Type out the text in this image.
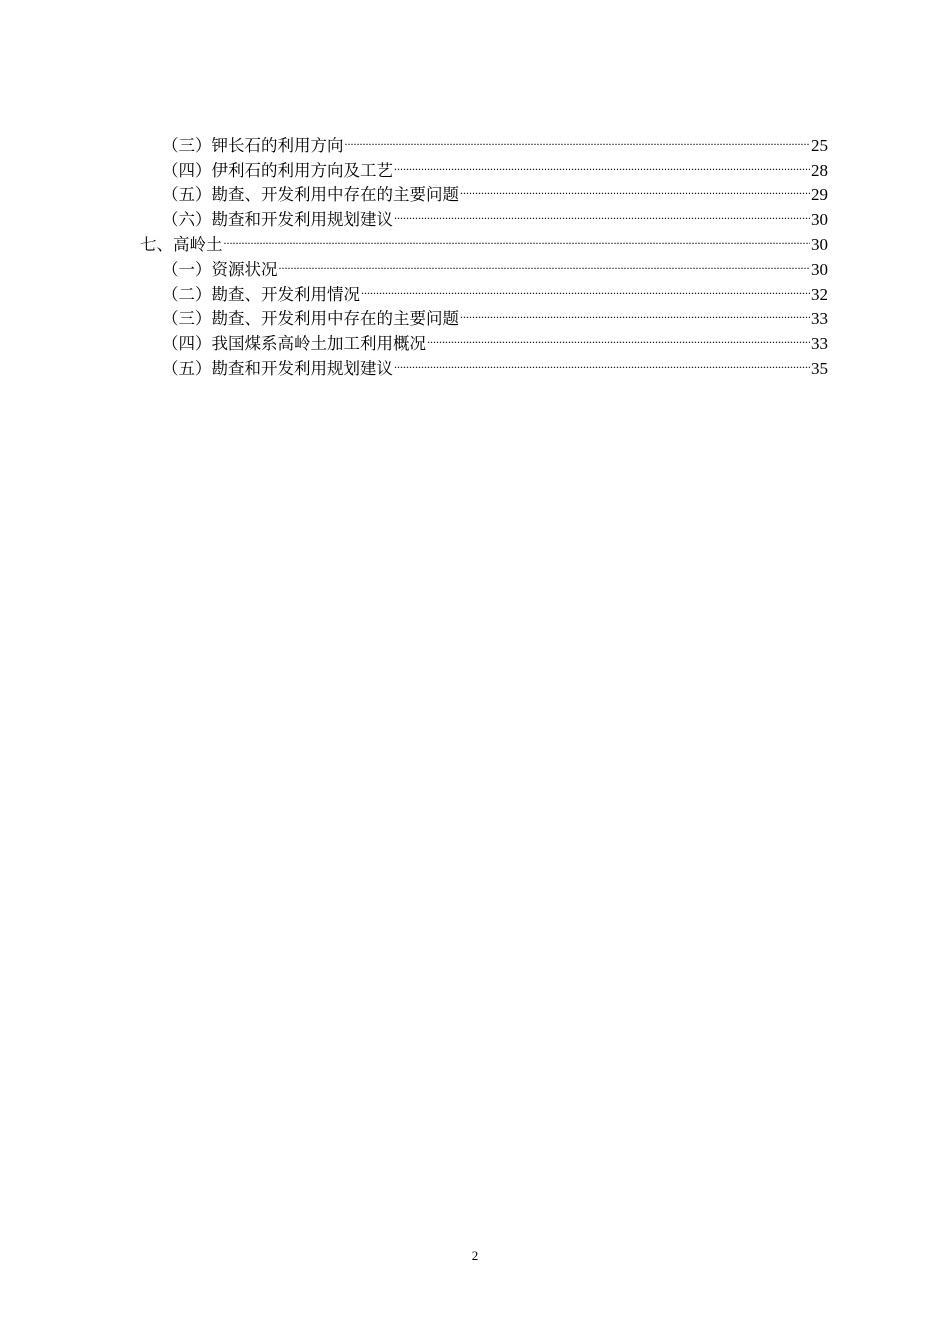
（三）钾长石的利用方向 .....	25
（四）伊利石的利用方向及工艺 .....	28
（五）勘查、开发利用中存在的主要问题 .....	29
（六）勘查和开发利用规划建议 .....	30
七、高岭土 .....	30
（一）资源状况 .....	30
（二）勘查、开发利用情况 .....	32
（三）勘查、开发利用中存在的主要问题 .....	33
（四）我国煤系高岭土加工利用概况 .....	33
（五）勘查和开发利用规划建议 .....	35
2
